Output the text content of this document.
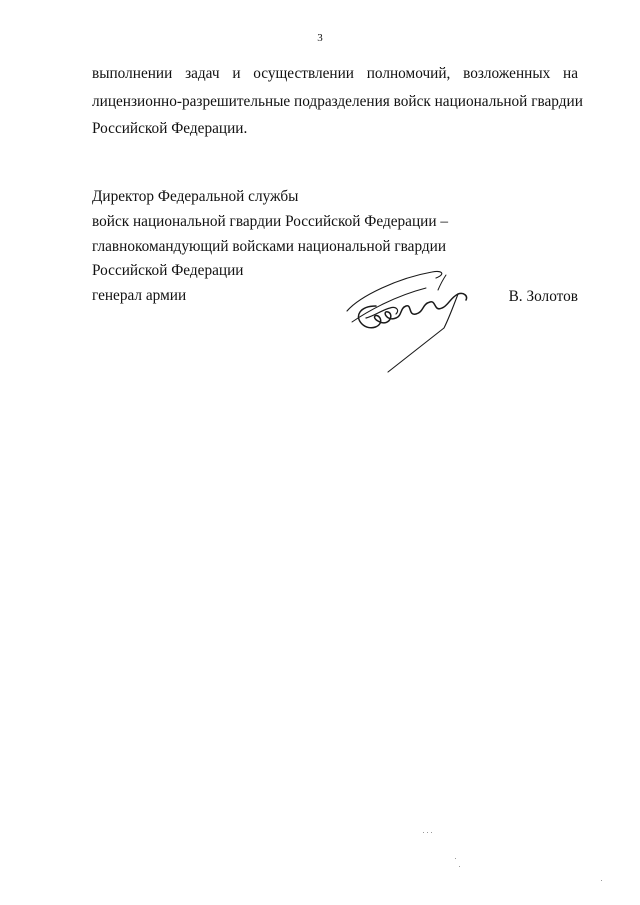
3
выполнении задач и осуществлении полномочий, возложенных на
лицензионно-разрешительные подразделения войск национальной гвардии
Российской Федерации.
Директор Федеральной службы
войск национальной гвардии Российской Федерации –
главнокомандующий войсками национальной гвардии
Российской Федерации
генерал армии	В. Золотов
